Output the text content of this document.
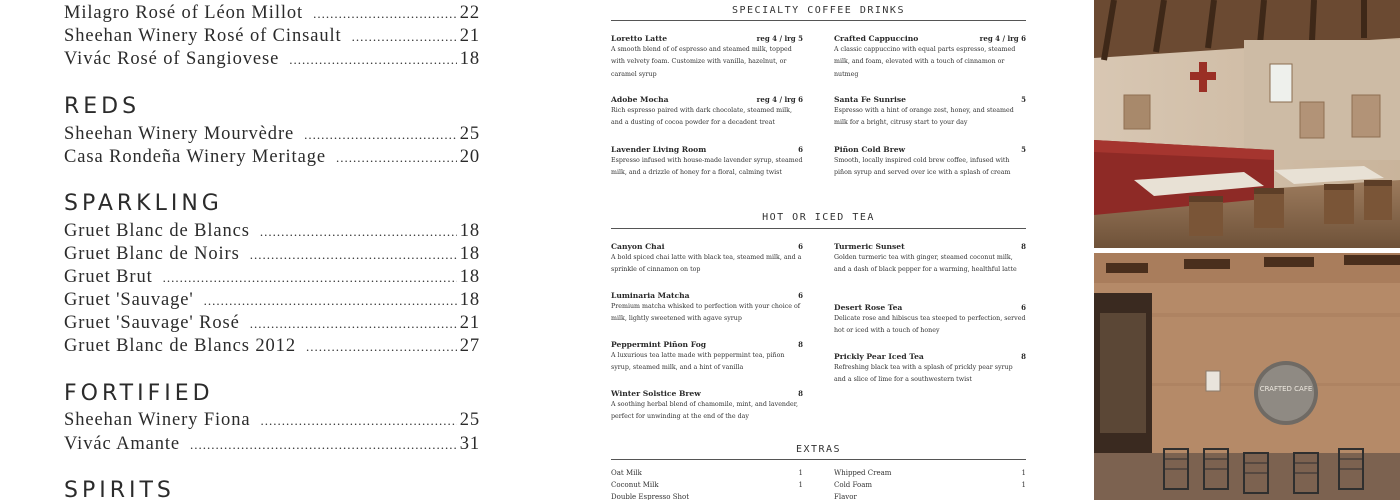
Milagro Rosé of Léon Millot .....	22
Sheehan Winery Rosé of Cinsault .....	21
Vivác Rosé of Sangiovese .....	18
REDS
Sheehan Winery Mourvèdre .....	25
Casa Rondeña Winery Meritage .....	20
SPARKLING
Gruet Blanc de Blancs .....	18
Gruet Blanc de Noirs .....	18
Gruet Brut .....	18
Gruet 'Sauvage' .....	18
Gruet 'Sauvage' Rosé .....	21
Gruet Blanc de Blancs 2012 .....	27
FORTIFIED
Sheehan Winery Fiona .....	25
Vivác Amante .....	31
SPIRITS
SPECIALTY COFFEE DRINKS
Loretto Latte	reg 4 / lrg 5
A smooth blend of of espresso and steamed milk, topped with velvety foam. Customize with vanilla, hazelnut, or caramel syrup
Adobe Mocha	reg 4 / lrg 6
Rich espresso paired with dark chocolate, steamed milk, and a dusting of cocoa powder for a decadent treat
Lavender Living Room	6
Espresso infused with house-made lavender syrup, steamed milk, and a drizzle of honey for a floral, calming twist
Crafted Cappuccino	reg 4 / lrg 6
A classic cappuccino with equal parts espresso, steamed milk, and foam, elevated with a touch of cinnamon or nutmeg
Santa Fe Sunrise	5
Espresso with a hint of orange zest, honey, and steamed milk for a bright, citrusy start to your day
Piñon Cold Brew	5
Smooth, locally inspired cold brew coffee, infused with piñon syrup and served over ice with a splash of cream
HOT OR ICED TEA
Canyon Chai	6
A bold spiced chai latte with black tea, steamed milk, and a sprinkle of cinnamon on top
Luminaria Matcha	6
Premium matcha whisked to perfection with your choice of milk, lightly sweetened with agave syrup
Peppermint Piñon Fog	8
A luxurious tea latte made with peppermint tea, piñon syrup, steamed milk, and a hint of vanilla
Winter Solstice Brew	8
A soothing herbal blend of chamomile, mint, and lavender, perfect for unwinding at the end of the day
Turmeric Sunset	8
Golden turmeric tea with ginger, steamed coconut milk, and a dash of black pepper for a warming, healthful latte
Desert Rose Tea	6
Delicate rose and hibiscus tea steeped to perfection, served hot or iced with a touch of honey
Prickly Pear Iced Tea	8
Refreshing black tea with a splash of prickly pear syrup and a slice of lime for a southwestern twist
EXTRAS
Oat Milk	1
Coconut Milk	1
Double Espresso Shot
Whipped Cream	1
Cold Foam	1
Flavor
CRAFTED CAFE
